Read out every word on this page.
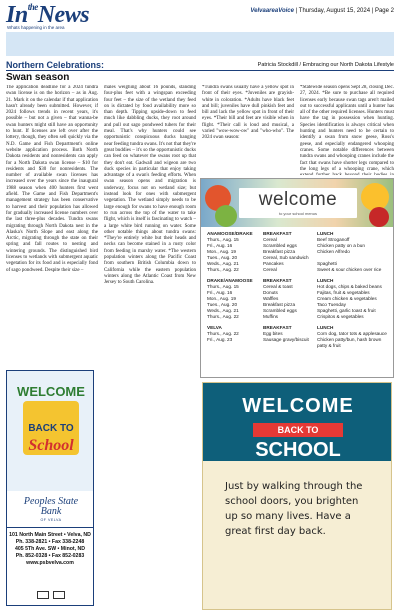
$In^{the}News$
Whats happening in the area
VelvaareaVoice | Thursday, August 15, 2024 | Page 2
Northern Celebrations:	Patricia Stockdill / Embracing our North Dakota Lifestyle
Swan season

The application deadline for a 2024 tundra swan license is on the horizon – as in Aug. 21. Mark it on the calendar if that application hasn't already been submitted. However, if 2024 follows trends in recent years, it's possible – but not a given – that wanna-be swan hunters might still have an opportunity to hunt. If licenses are left over after the lottery, though, they often sell quickly via the N.D. Game and Fish Department's online website application process. Both North Dakota residents and nonresidents can apply for a North Dakota swan license – $10 for residents and $30 for nonresidents. The number of available swan licenses has increased over the years since the inaugural 1988 season when 400 hunters first went afield. The Game and Fish Department's management strategy has been conservative to harvest and their population has allowed for gradually increased license numbers over the last three-plus decades. Tundra swans migrating through North Dakota nest in the Alaska's North Slope and east along the Arctic, migrating through the state on their spring and fall routes to nesting and wintering grounds. The distinguished bird licenses to wetlands with submergent aquatic vegetation for its food and is especially fond of sago pondweed. Despite their size –

males weighing about 16 pounds, standing four-plus feet with a wingspan exceeding four feet – the size of the wetland they feed on is dictated by food availability more so than depth. Tipping upside-down to feed much like dabbling ducks, they root around and pull out sago pondweed tubers for their meal. That's why hunters could see opportunistic conspicuous ducks hanging near feeding tundra swans. It's not that they're great buddies – it's so the opportunistic ducks can feed on whatever the swans root up that they don't eat. Gadwall and wigeon are two duck species in particular that enjoy taking advantage of a swan's feeding efforts. When swan season opens and migration is underway, focus not on wetland size; but instead look for ones with submergent vegetation. The wetland simply needs to be large enough for swans to have enough room to run across the top of the water to take flight, which is itself is fascinating to watch – a large white bird running on water. Some other notable things about tundra swans: *They're entirely white but their heads and necks can become stained in a rusty color from feeding in marshy water. *The western population winters along the Pacific Coast from southern British Columbia down to California while the eastern population winters along the Atlantic Coast from New Jersey to South Carolina.

*Tundra swans usually have a yellow spot in front of their eyes. *Juveniles are grayish-white in coloration. *Adults have black feet and bill; juveniles have dull pinkish feet and bill and lack the yellow spot in front of their eyes. *Their bill and feet are visible when in flight. *Their call is loud and musical, a varied "wow-wow-ow" and "who-who". The 2024 swan season:

*Statewide season opens Sept 28, closing Dec. 27, 2024. *Be sure to purchase all required licenses early because swan tags aren't mailed out to successful applicants until a hunter has all of the other required licenses. Hunters must have the tag in possession when hunting. Species identification is always critical when hunting and hunters need to be certain to identify a swan from snow geese, Ross's geese, and especially endangered whooping cranes. Some notable differences between tundra swans and whooping cranes include the fact that swans have shorter legs compared to the long legs of a whooping crane, which

welcome
to your school menus
ANAMOOSE/DRAKE
Thurs., Aug. 15
Fri., Aug. 16
Mon., Aug. 19
Tues., Aug. 20
Weds., Aug. 21
Thurs., Aug. 22
BREAKFAST
Cereal
Scrambled eggs
Breakfast pizza
Cereal, Sub sandwich
Pancakes
Cereal
LUNCH
Beef Stroganoff
Chicken patty on a bun
Chicken Alfredo

Spaghetti
Sweet & sour chicken over rice
DRAKE/ANAMOOSE
Thurs., Aug. 15
Fri., Aug. 16
Mon., Aug. 19
Tues., Aug. 20
Weds., Aug. 21
Thurs., Aug. 22
BREAKFAST
Cereal & toast
Donuts
Waffles
Breakfast pizza
Scrambled eggs
Muffins
LUNCH
Hot dogs, chips & baked beans
Fajitas, fruit & vegetables
Cream chicken & vegetables
Taco Tuesday
Spaghetti, garlic toast & fruit
Crispitos & vegetables
VELVA
Thurs., Aug. 22
Fri., Aug. 23
BREAKFAST
Egg bites
Sausage gravy/biscuit
LUNCH
Corn dog, tator tots & applesauce
Chicken patty/bun, hash brown patty & fruit
WELCOME
BACK TO
School
Peoples State Bank
OF VELVA
101 North Main Street • Velva, ND
Ph. 338-2821 • Fax 338-2248
405 5Th Ave. SW • Minot, ND
Ph. 852-0328 • Fax 852-0283
www.psbvelva.com
WELCOME
BACK TO
SCHOOL
Just by walking through the school doors, you brighten up so many lives. Have a great first day back.
